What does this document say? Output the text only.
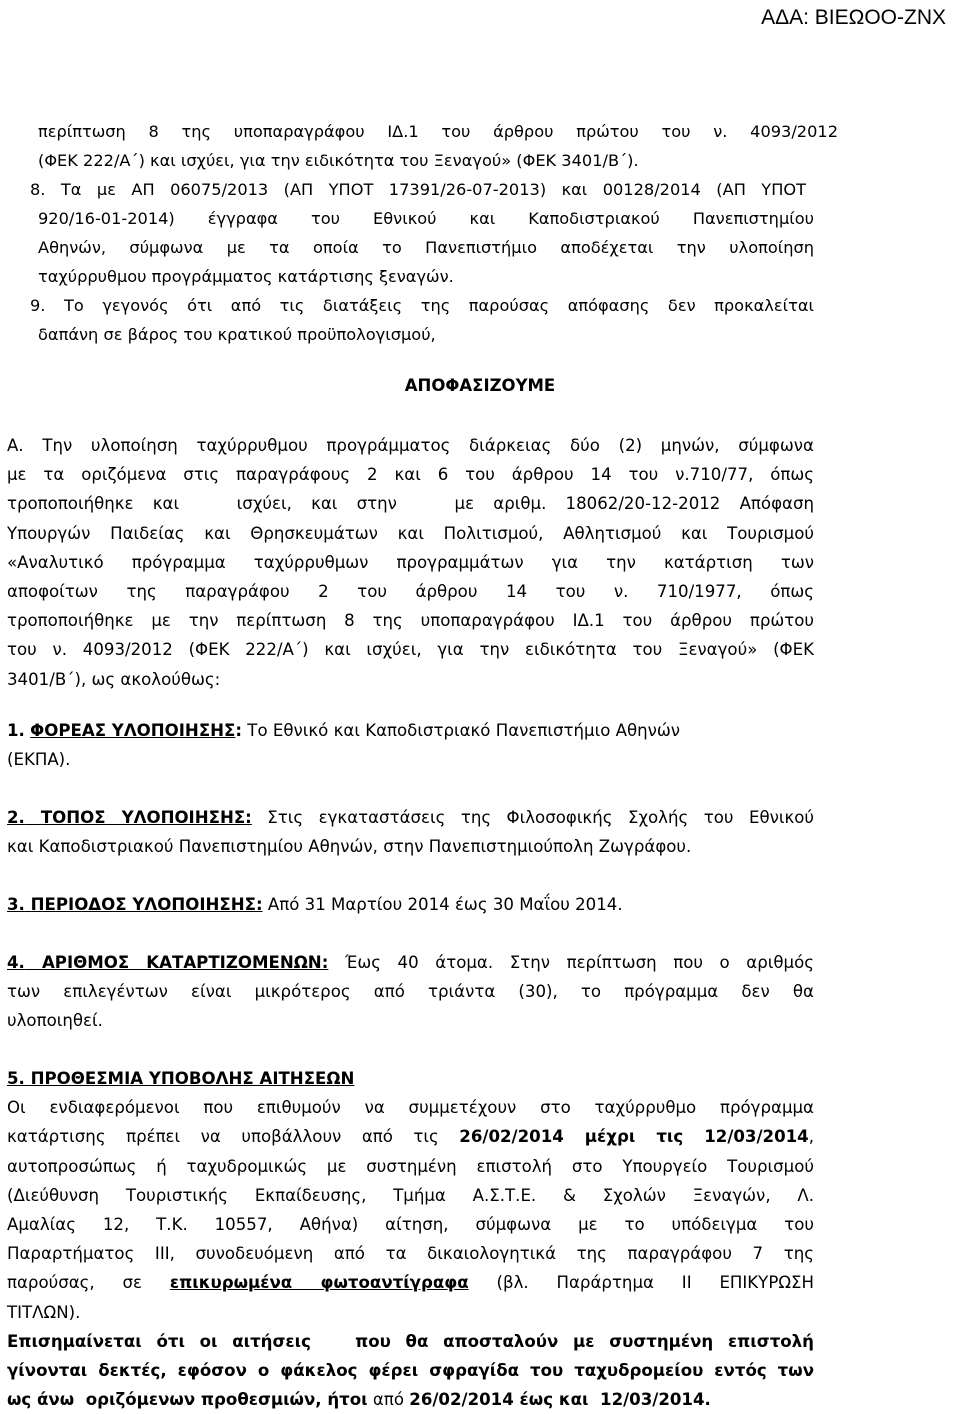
ΑΔΑ: ΒΙΕΩΟΟ-ΖΝΧ

περίπτωση 8 της υποπαραγράφου ΙΔ.1 του άρθρου πρώτου του ν. 4093/2012

(ΦΕΚ 222/Α΄) και ισχύει, για την ειδικότητα του Ξεναγού» (ΦΕΚ 3401/Β΄).

8. Τα με ΑΠ 06075/2013 (ΑΠ ΥΠΟΤ 17391/26-07-2013) και 00128/2014 (ΑΠ ΥΠΟΤ

920/16-01-2014) έγγραφα του Εθνικού και Καποδιστριακού Πανεπιστημίου

Αθηνών, σύμφωνα με τα οποία το Πανεπιστήμιο αποδέχεται την υλοποίηση

ταχύρρυθμου προγράμματος κατάρτισης ξεναγών.

9. Το γεγονός ότι από τις διατάξεις της παρούσας απόφασης δεν προκαλείται

δαπάνη σε βάρος του κρατικού προϋπολογισμού,

ΑΠΟΦΑΣΙΖΟΥΜΕ

Α. Την υλοποίηση ταχύρρυθμου προγράμματος διάρκειας δύο (2) μηνών, σύμφωνα

με τα οριζόμενα στις παραγράφους 2 και 6 του άρθρου 14 του ν.710/77, όπως

τροποποιήθηκε και   ισχύει, και στην   με αριθμ. 18062/20-12-2012 Απόφαση

Υπουργών Παιδείας και Θρησκευμάτων και Πολιτισμού, Αθλητισμού και Τουρισμού

«Αναλυτικό πρόγραμμα ταχύρρυθμων προγραμμάτων για την κατάρτιση των

αποφοίτων της παραγράφου 2 του άρθρου 14 του ν. 710/1977, όπως

τροποποιήθηκε με την περίπτωση 8 της υποπαραγράφου ΙΔ.1 του άρθρου πρώτου

του ν. 4093/2012 (ΦΕΚ 222/Α΄) και ισχύει, για την ειδικότητα του Ξεναγού» (ΦΕΚ

3401/Β΄), ως ακολούθως:

1. ΦΟΡΕΑΣ ΥΛΟΠΟΙΗΣΗΣ: Το Εθνικό και Καποδιστριακό Πανεπιστήμιο Αθηνών

(ΕΚΠΑ).

2. ΤΟΠΟΣ ΥΛΟΠΟΙΗΣΗΣ: Στις εγκαταστάσεις της Φιλοσοφικής Σχολής του Εθνικού

και Καποδιστριακού Πανεπιστημίου Αθηνών, στην Πανεπιστημιούπολη Ζωγράφου.

3. ΠΕΡΙΟΔΟΣ ΥΛΟΠΟΙΗΣΗΣ: Από 31 Μαρτίου 2014 έως 30 Μαΐου 2014.

4. ΑΡΙΘΜΟΣ ΚΑΤΑΡΤΙΖΟΜΕΝΩΝ: Έως 40 άτομα. Στην περίπτωση που ο αριθμός

των επιλεγέντων είναι μικρότερος από τριάντα (30), το πρόγραμμα δεν θα

υλοποιηθεί.

5. ΠΡΟΘΕΣΜΙΑ ΥΠΟΒΟΛΗΣ ΑΙΤΗΣΕΩΝ

Οι ενδιαφερόμενοι που επιθυμούν να συμμετέχουν στο ταχύρρυθμο πρόγραμμα

κατάρτισης πρέπει να υποβάλλουν από τις 26/02/2014 μέχρι τις 12/03/2014,

αυτοπροσώπως ή ταχυδρομικώς με συστημένη επιστολή στο Υπουργείο Τουρισμού

(Διεύθυνση Τουριστικής Εκπαίδευσης, Τμήμα Α.Σ.Τ.Ε. & Σχολών Ξεναγών, Λ.

Αμαλίας 12, Τ.Κ. 10557, Αθήνα) αίτηση, σύμφωνα με το υπόδειγμα του

Παραρτήματος ΙΙΙ, συνοδευόμενη από τα δικαιολογητικά της παραγράφου 7 της

παρούσας, σε επικυρωμένα φωτοαντίγραφα (βλ. Παράρτημα ΙΙ ΕΠΙΚΥΡΩΣΗ

ΤΙΤΛΩΝ).

Επισημαίνεται ότι οι αιτήσεις   που θα αποσταλούν με συστημένη επιστολή

γίνονται δεκτές, εφόσον ο φάκελος φέρει σφραγίδα του ταχυδρομείου εντός των

ως άνω  οριζόμενων προθεσμιών, ήτοι από 26/02/2014 έως και  12/03/2014.
